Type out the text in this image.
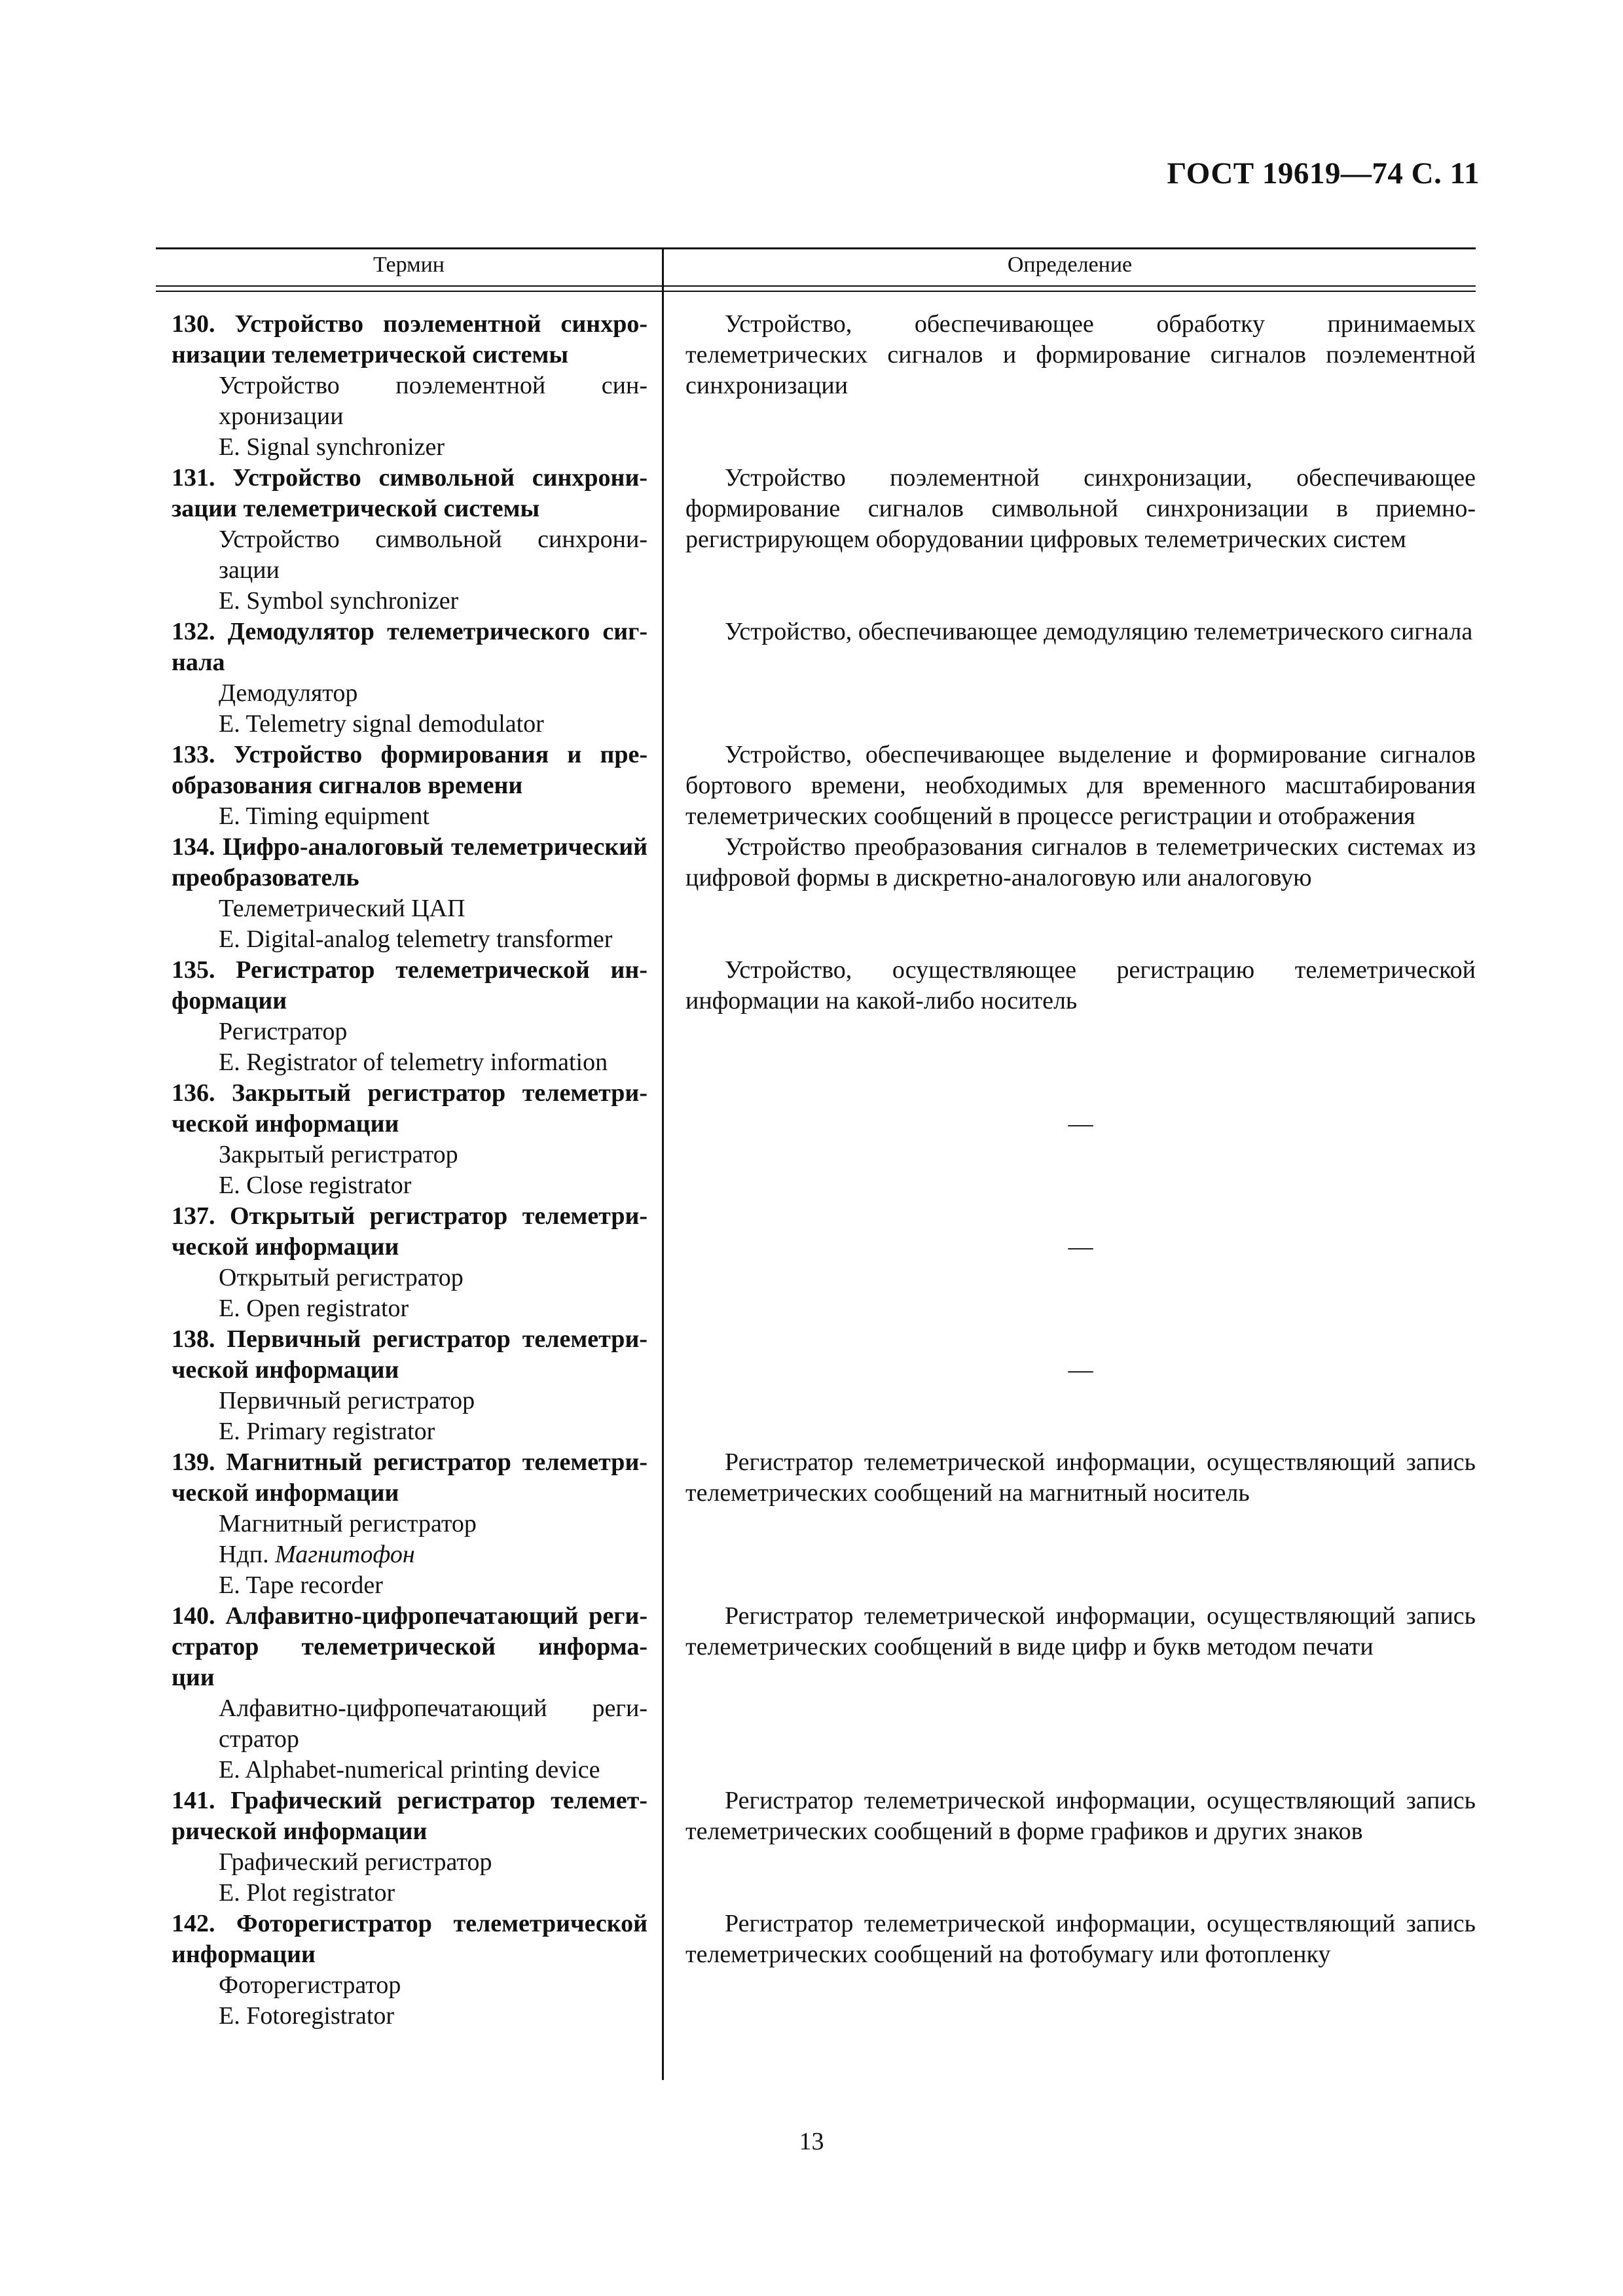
ГОСТ 19619—74 С. 11
Термин	Определение
130. Устройство поэлементной синхро-
низации телеметрической системы
Устройство поэлементной син-
хронизации
E. Signal synchronizer
Устройство, обеспечивающее обработку принимаемых телеметрических сигналов и формирование сигналов поэлементной синхронизации
131. Устройство символьной синхрони-
зации телеметрической системы
Устройство символьной синхрони-
зации
E. Symbol synchronizer
Устройство поэлементной синхронизации, обеспечивающее формирование сигналов символьной синхронизации в приемно-регистрирующем оборудовании цифровых телеметрических систем
132. Демодулятор телеметрического сиг-
нала
Демодулятор
E. Telemetry signal demodulator
Устройство, обеспечивающее демодуляцию телеметрического сигнала
133. Устройство формирования и пре-
образования сигналов времени
E. Timing equipment
Устройство, обеспечивающее выделение и формирование сигналов бортового времени, необходимых для временного масштабирования телеметрических сообщений в процессе регистрации и отображения
134. Цифро-аналоговый телеметрический
преобразователь
Телеметрический ЦАП
E. Digital-analog telemetry transformer
Устройство преобразования сигналов в телеметрических системах из цифровой формы в дискретно-аналоговую или аналоговую
135. Регистратор телеметрической ин-
формации
Регистратор
E. Registrator of telemetry information
Устройство, осуществляющее регистрацию телеметрической информации на какой-либо носитель
136. Закрытый регистратор телеметри-
ческой информации
Закрытый регистратор
E. Close registrator
—
137. Открытый регистратор телеметри-
ческой информации
Открытый регистратор
E. Open registrator
—
138. Первичный регистратор телеметри-
ческой информации
Первичный регистратор
E. Primary registrator
—
139. Магнитный регистратор телеметри-
ческой информации
Магнитный регистратор
Ндп. Магнитофон
E. Tape recorder
Регистратор телеметрической информации, осуществляющий запись телеметрических сообщений на магнитный носитель
140. Алфавитно-цифропечатающий реги-
стратор телеметрической информа-
ции
Алфавитно-цифропечатающий реги-
стратор
E. Alphabet-numerical printing device
Регистратор телеметрической информации, осуществляющий запись телеметрических сообщений в виде цифр и букв методом печати
141. Графический регистратор телемет-
рической информации
Графический регистратор
E. Plot registrator
Регистратор телеметрической информации, осуществляющий запись телеметрических сообщений в форме графиков и других знаков
142. Фоторегистратор телеметрической
информации
Фоторегистратор
E. Fotoregistrator
Регистратор телеметрической информации, осуществляющий запись телеметрических сообщений на фотобумагу или фотопленку
13
